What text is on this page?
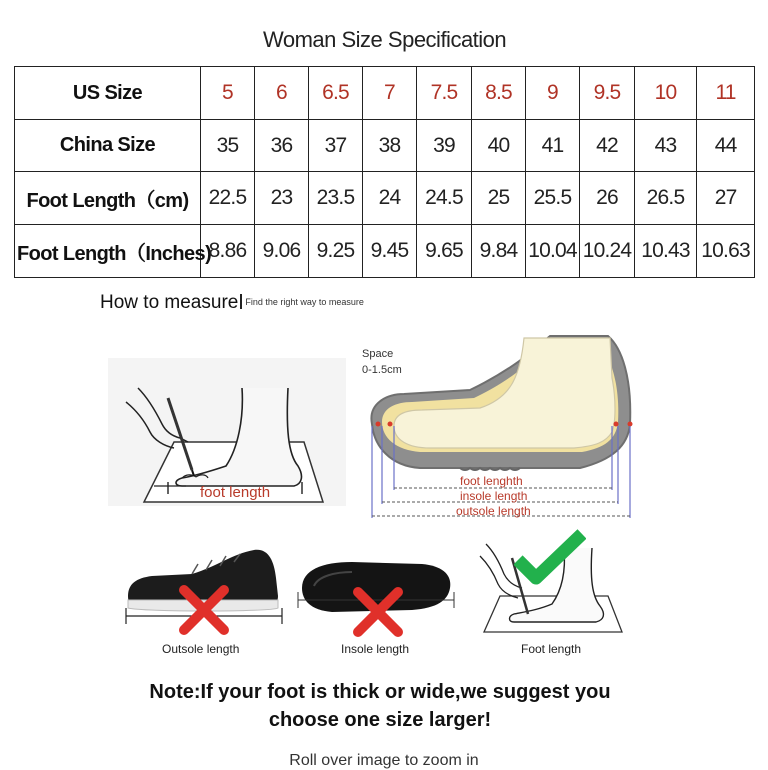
Woman Size Specification										
US Size	5	6	6.5	7	7.5	8.5	9	9.5	10	11
China Size	35	36	37	38	39	40	41	42	43	44
Foot Length（cm)	22.5	23	23.5	24	24.5	25	25.5	26	26.5	27
Foot Length（Inches)	8.86	9.06	9.25	9.45	9.65	9.84	10.04	10.24	10.43	10.63
How to measure $^{Find the right way to measure}$
foot length
Space
0-1.5cm
foot lenghth
insole length
outsole length
Outsole length	Insole length	Foot length
Note:If your foot is thick or wide,we suggest you
choose one size larger!
Roll over image to zoom in
